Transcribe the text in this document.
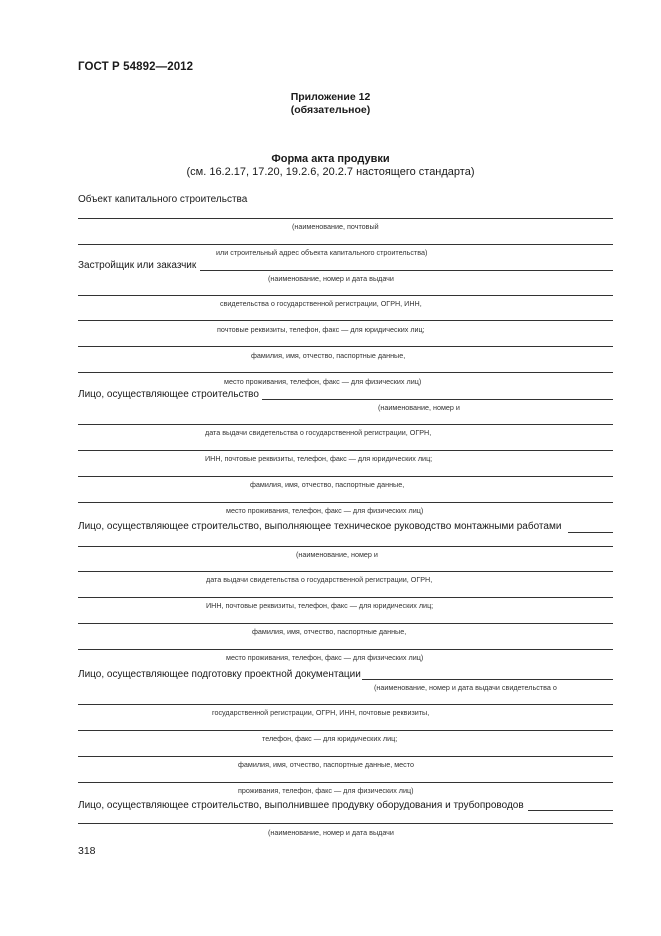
ГОСТ Р 54892—2012
Приложение 12
(обязательное)
Форма акта продувки
(см. 16.2.17, 17.20, 19.2.6, 20.2.7 настоящего стандарта)
Объект капитального строительства
(наименование, почтовый
или строительный адрес объекта капитального строительства)
Застройщик или заказчик
(наименование, номер и дата выдачи
свидетельства о государственной регистрации, ОГРН, ИНН,
почтовые реквизиты, телефон, факс — для юридических лиц;
фамилия, имя, отчество, паспортные данные,
место проживания, телефон, факс — для физических лиц)
Лицо, осуществляющее строительство
(наименование, номер и
дата выдачи свидетельства о государственной регистрации, ОГРН,
ИНН, почтовые реквизиты, телефон, факс — для юридических лиц;
фамилия, имя, отчество, паспортные данные,
место проживания, телефон, факс — для физических лиц)
Лицо, осуществляющее строительство, выполняющее техническое руководство монтажными работами
(наименование, номер и
дата выдачи свидетельства о государственной регистрации, ОГРН,
ИНН, почтовые реквизиты, телефон, факс — для юридических лиц;
фамилия, имя, отчество, паспортные данные,
место проживания, телефон, факс — для физических лиц)
Лицо, осуществляющее подготовку проектной документации
(наименование, номер и дата выдачи свидетельства о
государственной регистрации, ОГРН, ИНН, почтовые реквизиты,
телефон, факс — для юридических лиц;
фамилия, имя, отчество, паспортные данные, место
проживания, телефон, факс — для физических лиц)
Лицо, осуществляющее строительство, выполнившее продувку оборудования и трубопроводов
(наименование, номер и дата выдачи
318
